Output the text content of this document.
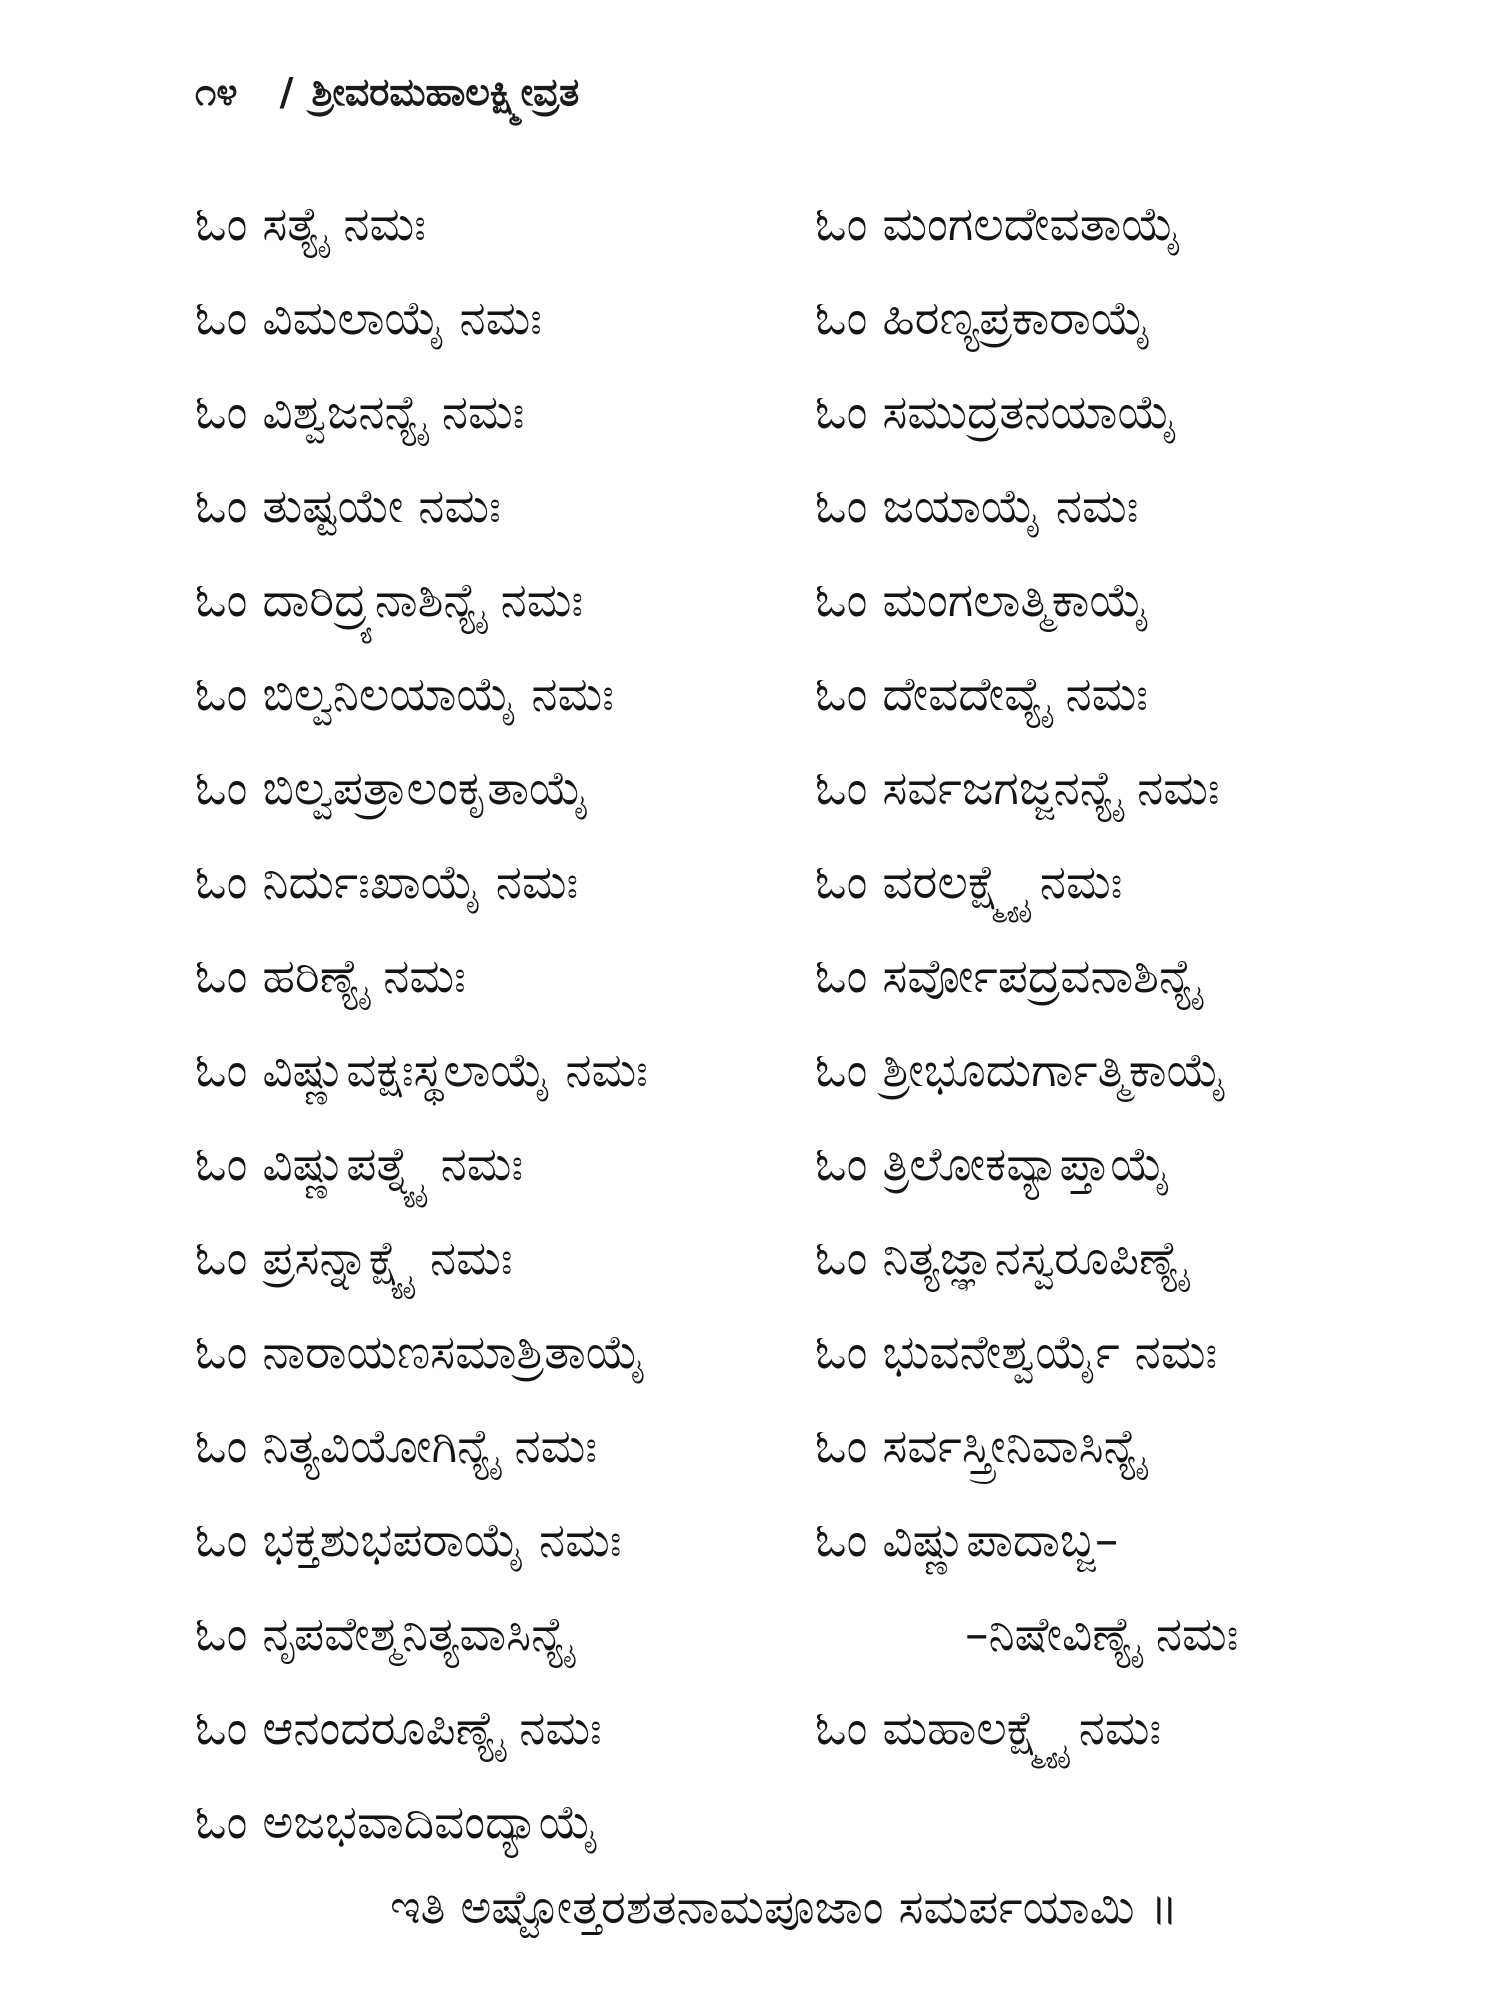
೧೪ / ಶ್ರೀವರಮಹಾಲಕ್ಷ್ಮೀವ್ರತ
ಓಂ ಸತ್ಯೈ ನಮಃ	ಓಂ ಮಂಗಲದೇವತಾಯೈ
ಓಂ ವಿಮಲಾಯೈ ನಮಃ	ಓಂ ಹಿರಣ್ಯಪ್ರಕಾರಾಯೈ
ಓಂ ವಿಶ್ವಜನನ್ಯೈ ನಮಃ	ಓಂ ಸಮುದ್ರತನಯಾಯೈ
ಓಂ ತುಷ್ಟಯೇ ನಮಃ	ಓಂ ಜಯಾಯೈ ನಮಃ
ಓಂ ದಾರಿದ್ರ್ಯನಾಶಿನ್ಯೈ ನಮಃ	ಓಂ ಮಂಗಲಾತ್ಮಿಕಾಯೈ
ಓಂ ಬಿಲ್ವನಿಲಯಾಯೈ ನಮಃ	ಓಂ ದೇವದೇವ್ಯೈ ನಮಃ
ಓಂ ಬಿಲ್ವಪತ್ರಾಲಂಕೃತಾಯೈ	ಓಂ ಸರ್ವಜಗಜ್ಜನನ್ಯೈ ನಮಃ
ಓಂ ನಿರ್ದುಃಖಾಯೈ ನಮಃ	ಓಂ ವರಲಕ್ಷ್ಮ್ಯೈ ನಮಃ
ಓಂ ಹರಿಣ್ಯೈ ನಮಃ	ಓಂ ಸರ್ವೋಪದ್ರವನಾಶಿನ್ಯೈ
ಓಂ ವಿಷ್ಣುವಕ್ಷಃಸ್ಥಲಾಯೈ ನಮಃ	ಓಂ ಶ್ರೀಭೂದುರ್ಗಾತ್ಮಿಕಾಯೈ
ಓಂ ವಿಷ್ಣುಪತ್ನ್ಯೈ ನಮಃ	ಓಂ ತ್ರಿಲೋಕವ್ಯಾಪ್ತಾಯೈ
ಓಂ ಪ್ರಸನ್ನಾಕ್ಷ್ಯೈ ನಮಃ	ಓಂ ನಿತ್ಯಜ್ಞಾನಸ್ವರೂಪಿಣ್ಯೈ
ಓಂ ನಾರಾಯಣಸಮಾಶ್ರಿತಾಯೈ	ಓಂ ಭುವನೇಶ್ವರ್ಯೈ ನಮಃ
ಓಂ ನಿತ್ಯವಿಯೋಗಿನ್ಯೈ ನಮಃ	ಓಂ ಸರ್ವಸ್ತ್ರೀನಿವಾಸಿನ್ಯೈ
ಓಂ ಭಕ್ತಶುಭಪರಾಯೈ ನಮಃ	ಓಂ ವಿಷ್ಣುಪಾದಾಬ್ಜ–
ಓಂ ನೃಪವೇಶ್ಮನಿತ್ಯವಾಸಿನ್ಯೈ	–ನಿಷೇವಿಣ್ಯೈ ನಮಃ
ಓಂ ಆನಂದರೂಪಿಣ್ಯೈ ನಮಃ	ಓಂ ಮಹಾಲಕ್ಷ್ಮ್ಯೈ ನಮಃ
ಓಂ ಅಜಭವಾದಿವಂದ್ಯಾಯೈ
ಇತಿ ಅಷ್ಟೋತ್ತರಶತನಾಮಪೂಜಾಂ ಸಮರ್ಪಯಾಮಿ ॥
